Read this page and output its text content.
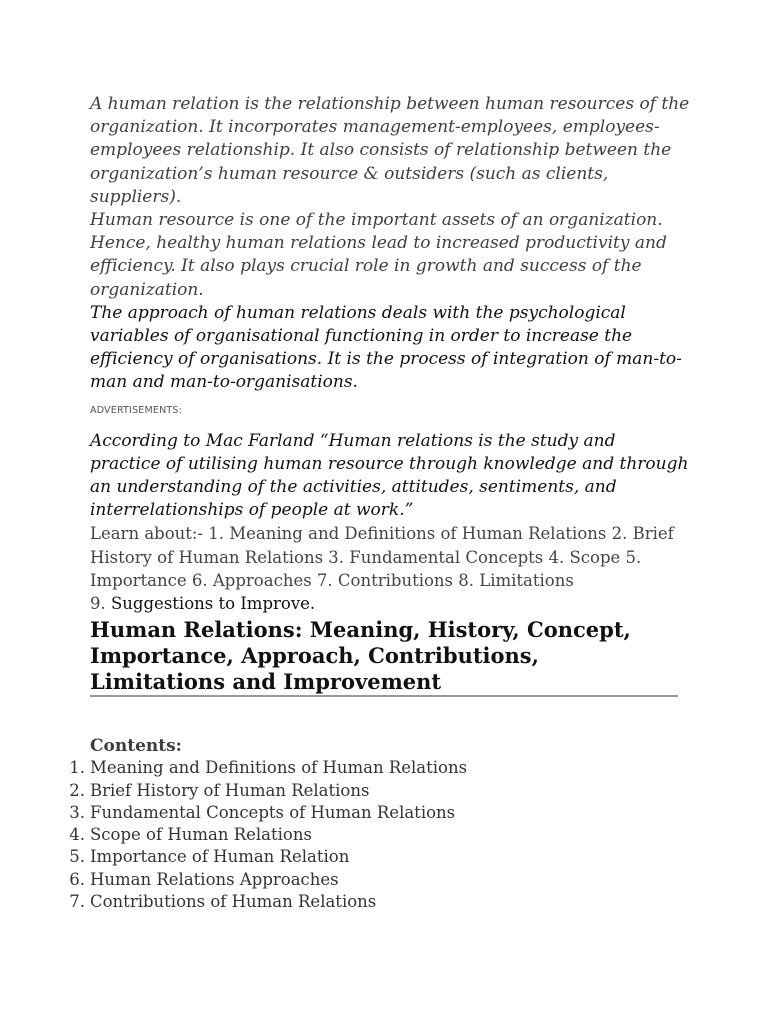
A human relation is the relationship between human resources of the organization. It incorporates management-employees, employees-employees relationship. It also consists of relationship between the organization’s human resource & outsiders (such as clients, suppliers).

Human resource is one of the important assets of an organization. Hence, healthy human relations lead to increased productivity and efficiency. It also plays crucial role in growth and success of the organization.

The approach of human relations deals with the psychological variables of organisational functioning in order to increase the efficiency of organisations. It is the process of integration of man-to-man and man-to-organisations.

ADVERTISEMENTS:

According to Mac Farland “Human relations is the study and practice of utilising human resource through knowledge and through an understanding of the activities, attitudes, sentiments, and interrelationships of people at work.”

Learn about:- 1. Meaning and Definitions of Human Relations 2. Brief History of Human Relations 3. Fundamental Concepts 4. Scope 5. Importance 6. Approaches 7. Contributions 8. Limitations
9. Suggestions to Improve.

Human Relations: Meaning, History, Concept, Importance, Approach, Contributions, Limitations and Improvement
Contents:
1. Meaning and Definitions of Human Relations
2. Brief History of Human Relations
3. Fundamental Concepts of Human Relations
4. Scope of Human Relations
5. Importance of Human Relation
6. Human Relations Approaches
7. Contributions of Human Relations
